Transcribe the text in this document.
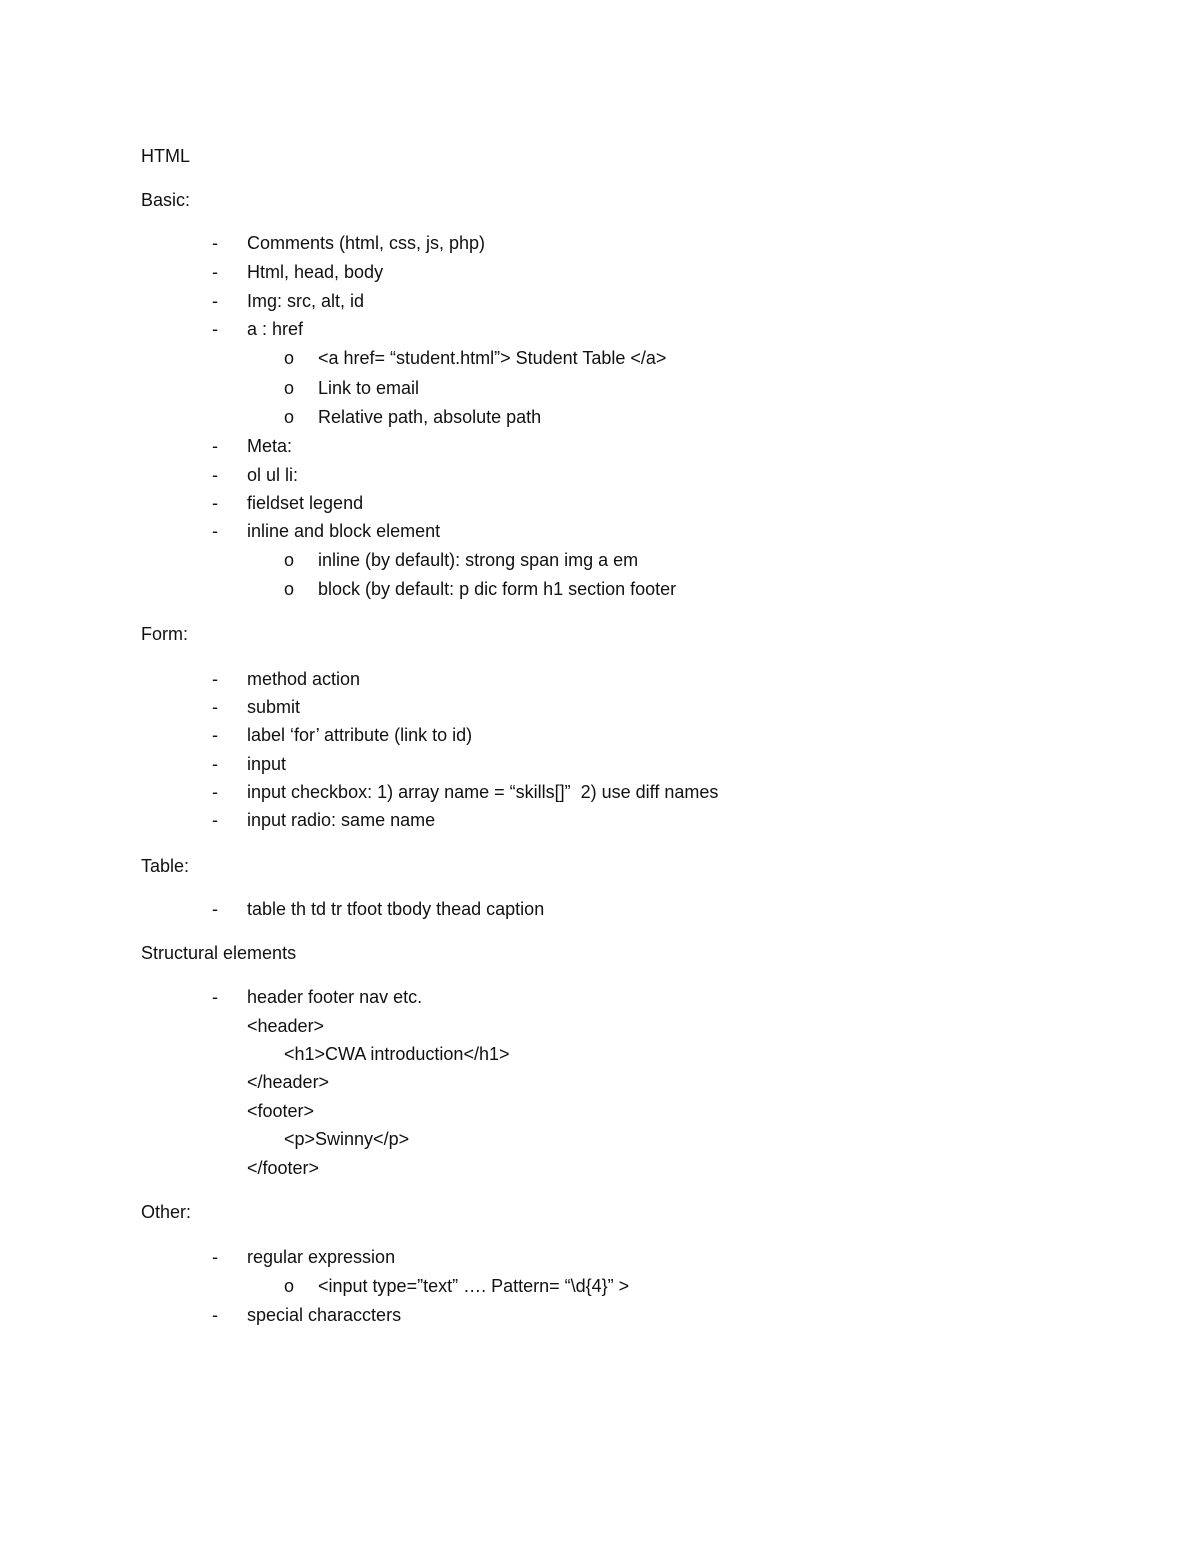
HTML
Basic:
- Comments (html, css, js, php)
- Html, head, body
- Img: src, alt, id
- a : href
o <a href= “student.html”> Student Table </a>
o Link to email
o Relative path, absolute path
- Meta:
- ol ul li:
- fieldset legend
- inline and block element
o inline (by default): strong span img a em
o block (by default: p dic form h1 section footer
Form:
- method action
- submit
- label ‘for’ attribute (link to id)
- input
- input checkbox: 1) array name = “skills[]”  2) use diff names
- input radio: same name
Table:
- table th td tr tfoot tbody thead caption
Structural elements
- header footer nav etc.
<header>
<h1>CWA introduction</h1>
</header>
<footer>
<p>Swinny</p>
</footer>
Other:
- regular expression
o <input type=”text” …. Pattern= “\d{4}” >
- special characcters
